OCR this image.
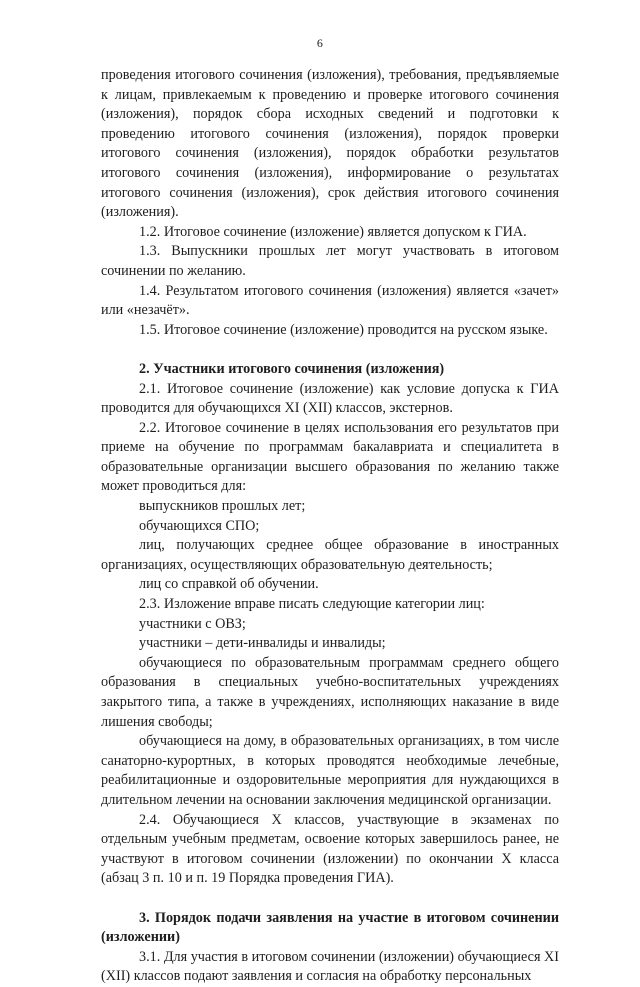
6

проведения итогового сочинения (изложения), требования, предъявляемые к лицам, привлекаемым к проведению и проверке итогового сочинения (изложения), порядок сбора исходных сведений и подготовки к проведению итогового сочинения (изложения), порядок проверки итогового сочинения (изложения), порядок обработки результатов итогового сочинения (изложения), информирование о результатах итогового сочинения (изложения), срок действия итогового сочинения (изложения).

1.2. Итоговое сочинение (изложение) является допуском к ГИА.

1.3. Выпускники прошлых лет могут участвовать в итоговом сочинении по желанию.

1.4. Результатом итогового сочинения (изложения) является «зачет» или «незачёт».

1.5. Итоговое сочинение (изложение) проводится на русском языке.

2. Участники итогового сочинения (изложения)

2.1. Итоговое сочинение (изложение) как условие допуска к ГИА проводится для обучающихся XI (XII) классов, экстернов.

2.2. Итоговое сочинение в целях использования его результатов при приеме на обучение по программам бакалавриата и специалитета в образовательные организации высшего образования по желанию также может проводиться для:

выпускников прошлых лет;

обучающихся СПО;

лиц, получающих среднее общее образование в иностранных организациях, осуществляющих образовательную деятельность;

лиц со справкой об обучении.

2.3. Изложение вправе писать следующие категории лиц:

участники с ОВЗ;

участники – дети-инвалиды и инвалиды;

обучающиеся по образовательным программам среднего общего образования в специальных учебно-воспитательных учреждениях закрытого типа, а также в учреждениях, исполняющих наказание в виде лишения свободы;

обучающиеся на дому, в образовательных организациях, в том числе санаторно-курортных, в которых проводятся необходимые лечебные, реабилитационные и оздоровительные мероприятия для нуждающихся в длительном лечении на основании заключения медицинской организации.

2.4. Обучающиеся X классов, участвующие в экзаменах по отдельным учебным предметам, освоение которых завершилось ранее, не участвуют в итоговом сочинении (изложении) по окончании X класса (абзац 3 п. 10 и п. 19 Порядка проведения ГИА).

3. Порядок подачи заявления на участие в итоговом сочинении (изложении)

3.1. Для участия в итоговом сочинении (изложении) обучающиеся XI (XII) классов подают заявления и согласия на обработку персональных
